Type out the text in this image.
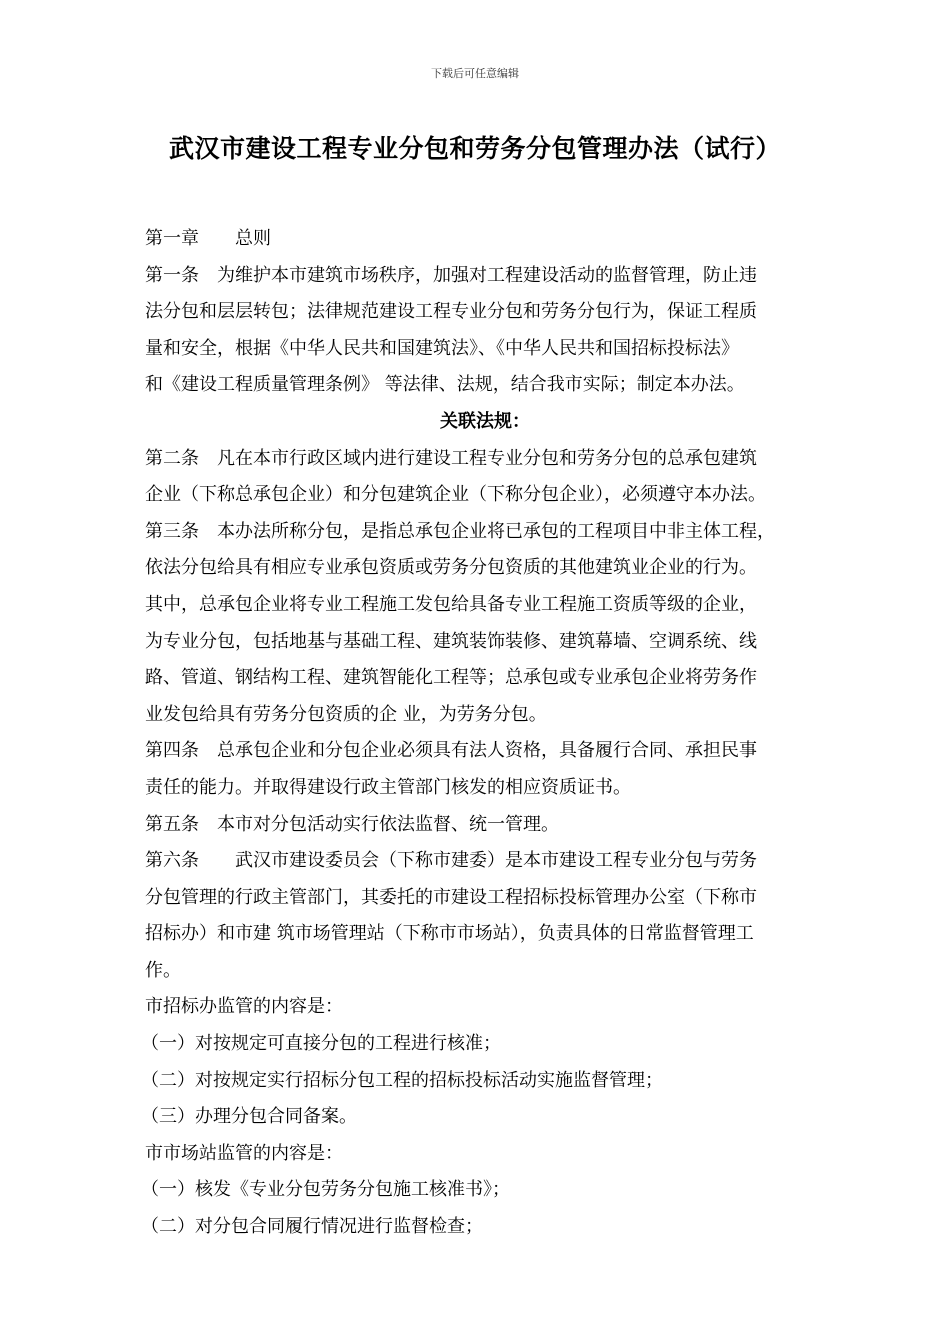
下载后可任意编辑
武汉市建设工程专业分包和劳务分包管理办法（试行）
第一章　　总则
第一条　为维护本市建筑市场秩序，加强对工程建设活动的监督管理，防止违
法分包和层层转包；法律规范建设工程专业分包和劳务分包行为，保证工程质
量和安全，根据《中华人民共和国建筑法》、《中华人民共和国招标投标法》
和《建设工程质量管理条例》 等法律、法规，结合我市实际；制定本办法。
关联法规：
第二条　凡在本市行政区域内进行建设工程专业分包和劳务分包的总承包建筑
企业（下称总承包企业）和分包建筑企业（下称分包企业），必须遵守本办法。
第三条　本办法所称分包，是指总承包企业将已承包的工程项目中非主体工程，
依法分包给具有相应专业承包资质或劳务分包资质的其他建筑业企业的行为。
其中，总承包企业将专业工程施工发包给具备专业工程施工资质等级的企业，
为专业分包，包括地基与基础工程、建筑装饰装修、建筑幕墙、空调系统、线
路、管道、钢结构工程、建筑智能化工程等；总承包或专业承包企业将劳务作
业发包给具有劳务分包资质的企 业，为劳务分包。
第四条　总承包企业和分包企业必须具有法人资格，具备履行合同、承担民事
责任的能力。并取得建设行政主管部门核发的相应资质证书。
第五条　本市对分包活动实行依法监督、统一管理。
第六条　　武汉市建设委员会（下称市建委）是本市建设工程专业分包与劳务
分包管理的行政主管部门，其委托的市建设工程招标投标管理办公室（下称市
招标办）和市建 筑市场管理站（下称市市场站），负责具体的日常监督管理工
作。
市招标办监管的内容是：
（一）对按规定可直接分包的工程进行核准；
（二）对按规定实行招标分包工程的招标投标活动实施监督管理；
（三）办理分包合同备案。
市市场站监管的内容是：
（一）核发《专业分包劳务分包施工核准书》；
（二）对分包合同履行情况进行监督检查；
